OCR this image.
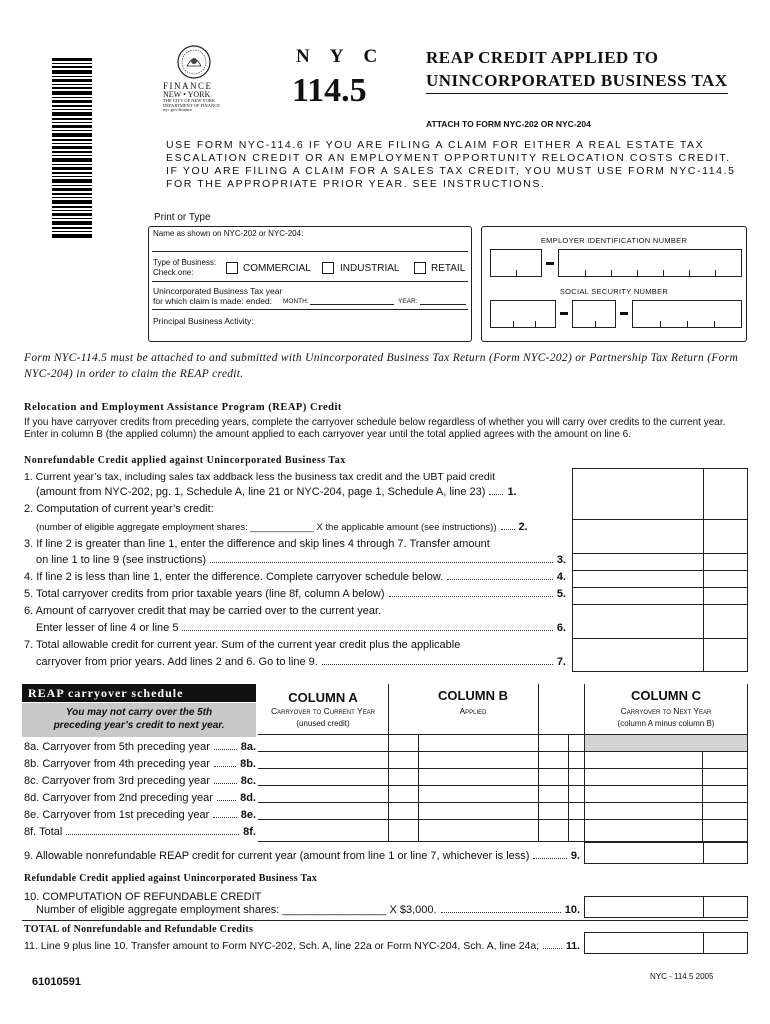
FINANCE
NEW • YORK
THE CITY OF NEW YORK
DEPARTMENT OF FINANCE
nyc.gov/finance
N Y C
114.5
REAP CREDIT APPLIED TO
UNINCORPORATED BUSINESS TAX
ATTACH TO FORM NYC-202 OR NYC-204
USE FORM NYC-114.6 IF YOU ARE FILING A CLAIM FOR EITHER A REAL ESTATE TAX ESCALATION CREDIT OR AN EMPLOYMENT OPPORTUNITY RELOCATION COSTS CREDIT. IF YOU ARE FILING A CLAIM FOR A SALES TAX CREDIT, YOU MUST USE FORM NYC-114.5 FOR THE APPROPRIATE PRIOR YEAR. SEE INSTRUCTIONS.
Print or Type
Name as shown on NYC-202 or NYC-204:
Type of Business:
Check one:	COMMERCIAL	INDUSTRIAL	RETAIL
Unincorporated Business Tax year
for which claim is made: ended: MONTH:	YEAR:
Principal Business Activity:
EMPLOYER IDENTIFICATION NUMBER
SOCIAL SECURITY NUMBER
Form NYC-114.5 must be attached to and submitted with Unincorporated Business Tax Return (Form NYC-202) or Partnership Tax Return (Form NYC-204) in order to claim the REAP credit.
Relocation and Employment Assistance Program (REAP) Credit
If you have carryover credits from preceding years, complete the carryover schedule below regardless of whether you will carry over credits to the current year. Enter in column B (the applied column) the amount applied to each carryover year until the total applied agrees with the amount on line 6.
Nonrefundable Credit applied against Unincorporated Business Tax
1. Current year’s tax, including sales tax addback less the business tax credit and the UBT paid credit
(amount from NYC-202, pg. 1, Schedule A, line 21 or NYC-204, page 1, Schedule A, line 23) 1.
2. Computation of current year’s credit:
(number of eligible aggregate employment shares: ____________ X the applicable amount (see instructions)) 2.
3. If line 2 is greater than line 1, enter the difference and skip lines 4 through 7. Transfer amount
on line 1 to line 9 (see instructions)	3.
4. If line 2 is less than line 1, enter the difference. Complete carryover schedule below.	4.
5. Total carryover credits from prior taxable years (line 8f, column A below)	5.
6. Amount of carryover credit that may be carried over to the current year.
Enter lesser of line 4 or line 5	6.
7. Total allowable credit for current year. Sum of the current year credit plus the applicable
carryover from prior years. Add lines 2 and 6. Go to line 9.	7.
REAP carryover schedule
You may not carry over the 5th
preceding year’s credit to next year.
COLUMN A
Carryover to Current Year
(unused credit)
COLUMN B
Applied
COLUMN C
Carryover to Next Year
(column A minus column B)
8a. Carryover from 5th preceding year	8a.
8b. Carryover from 4th preceding year	8b.
8c. Carryover from 3rd preceding year	8c.
8d. Carryover from 2nd preceding year 8d.
8e. Carryover from 1st preceding year	8e.
8f. Total	8f.
9. Allowable nonrefundable REAP credit for current year (amount from line 1 or line 7, whichever is less)	9.
Refundable Credit applied against Unincorporated Business Tax
10. COMPUTATION OF REFUNDABLE CREDIT
Number of eligible aggregate employment shares: _________________ X $3,000.	10.
TOTAL of Nonrefundable and Refundable Credits
11. Line 9 plus line 10. Transfer amount to Form NYC-202, Sch. A, line 22a or Form NYC-204, Sch. A, line 24a;	11.
61010591	NYC - 114.5 2005
